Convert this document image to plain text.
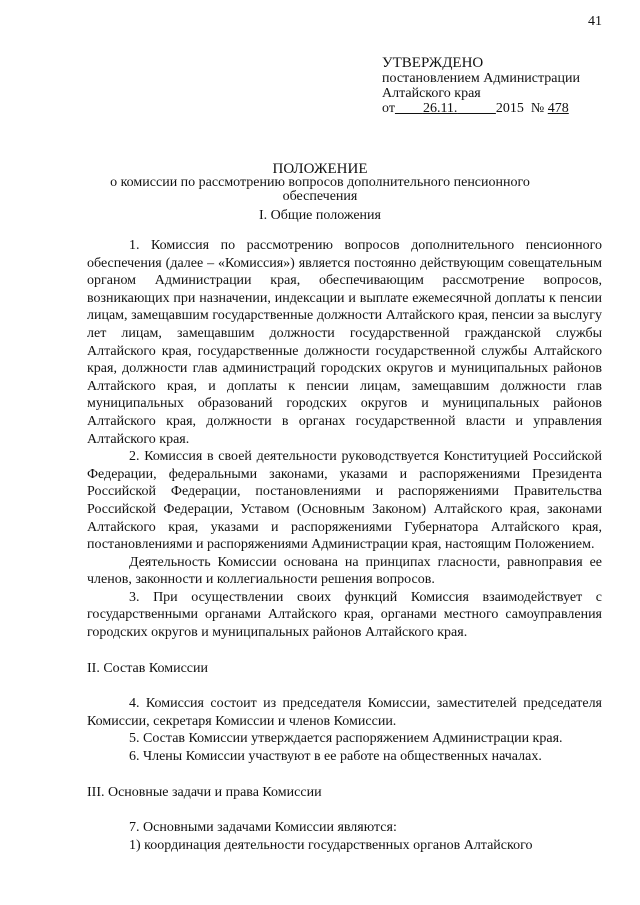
41
УТВЕРЖДЕНО
постановлением Администрации
Алтайского края
от 26.11.	2015 № 478
ПОЛОЖЕНИЕ
о комиссии по рассмотрению вопросов дополнительного пенсионного
обеспечения
I. Общие положения

1. Комиссия по рассмотрению вопросов дополнительного пенсионного обеспечения (далее – «Комиссия») является постоянно действующим совещательным органом Администрации края, обеспечивающим рассмотрение вопросов, возникающих при назначении, индексации и выплате ежемесячной доплаты к пенсии лицам, замещавшим государственные должности Алтайского края, пенсии за выслугу лет лицам, замещавшим должности государственной гражданской службы Алтайского края, государственные должности государственной службы Алтайского края, должности глав администраций городских округов и муниципальных районов Алтайского края, и доплаты к пенсии лицам, замещавшим должности глав муниципальных образований городских округов и муниципальных районов Алтайского края, должности в органах государственной власти и управления Алтайского края.

2. Комиссия в своей деятельности руководствуется Конституцией Российской Федерации, федеральными законами, указами и распоряжениями Президента Российской Федерации, постановлениями и распоряжениями Правительства Российской Федерации, Уставом (Основным Законом) Алтайского края, законами Алтайского края, указами и распоряжениями Губернатора Алтайского края, постановлениями и распоряжениями Администрации края, настоящим Положением.

Деятельность Комиссии основана на принципах гласности, равноправия ее членов, законности и коллегиальности решения вопросов.

3. При осуществлении своих функций Комиссия взаимодействует с государственными органами Алтайского края, органами местного самоуправления городских округов и муниципальных районов Алтайского края.

II. Состав Комиссии

4. Комиссия состоит из председателя Комиссии, заместителей председателя Комиссии, секретаря Комиссии и членов Комиссии.

5. Состав Комиссии утверждается распоряжением Администрации края.

6. Члены Комиссии участвуют в ее работе на общественных началах.

III. Основные задачи и права Комиссии

7. Основными задачами Комиссии являются:

1) координация деятельности государственных органов Алтайского
